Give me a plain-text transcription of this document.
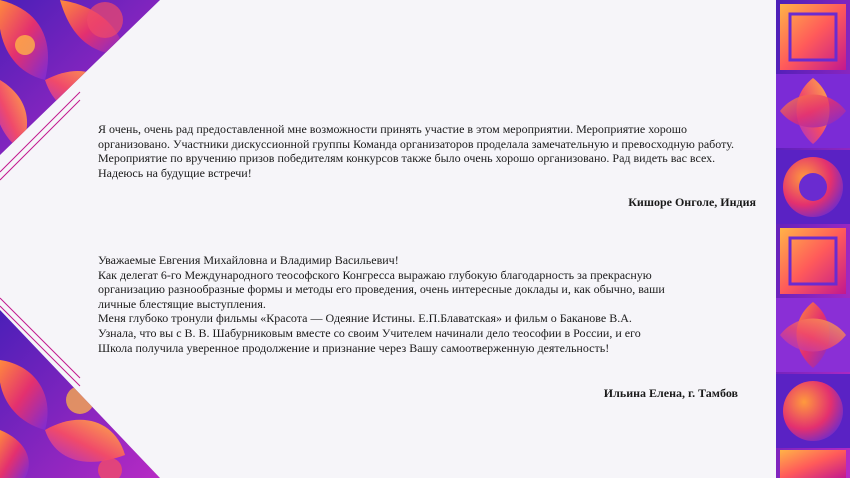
Я очень, очень рад предоставленной мне возможности принять участие в этом мероприятии. Мероприятие хорошо

организовано. Участники дискуссионной группы Команда организаторов проделала замечательную и превосходную работу.

Мероприятие по вручению призов победителям конкурсов также было очень хорошо организовано. Рад видеть вас всех.

Надеюсь на будущие встречи!

Кишоре Онголе, Индия

Уважаемые Евгения Михайловна и Владимир Васильевич!

Как делегат 6-го Международного теософского Конгресса выражаю глубокую благодарность за прекрасную

организацию разнообразные формы и методы его проведения, очень интересные доклады и, как обычно, ваши

личные блестящие выступления.

Меня глубоко тронули фильмы «Красота — Одеяние Истины. Е.П.Блаватская» и фильм о Баканове В.А.

Узнала, что вы с В. В. Шабурниковым вместе со своим Учителем начинали дело теософии в России, и его

Школа получила уверенное продолжение и признание через Вашу самоотверженную деятельность!

Ильина Елена, г. Тамбов
